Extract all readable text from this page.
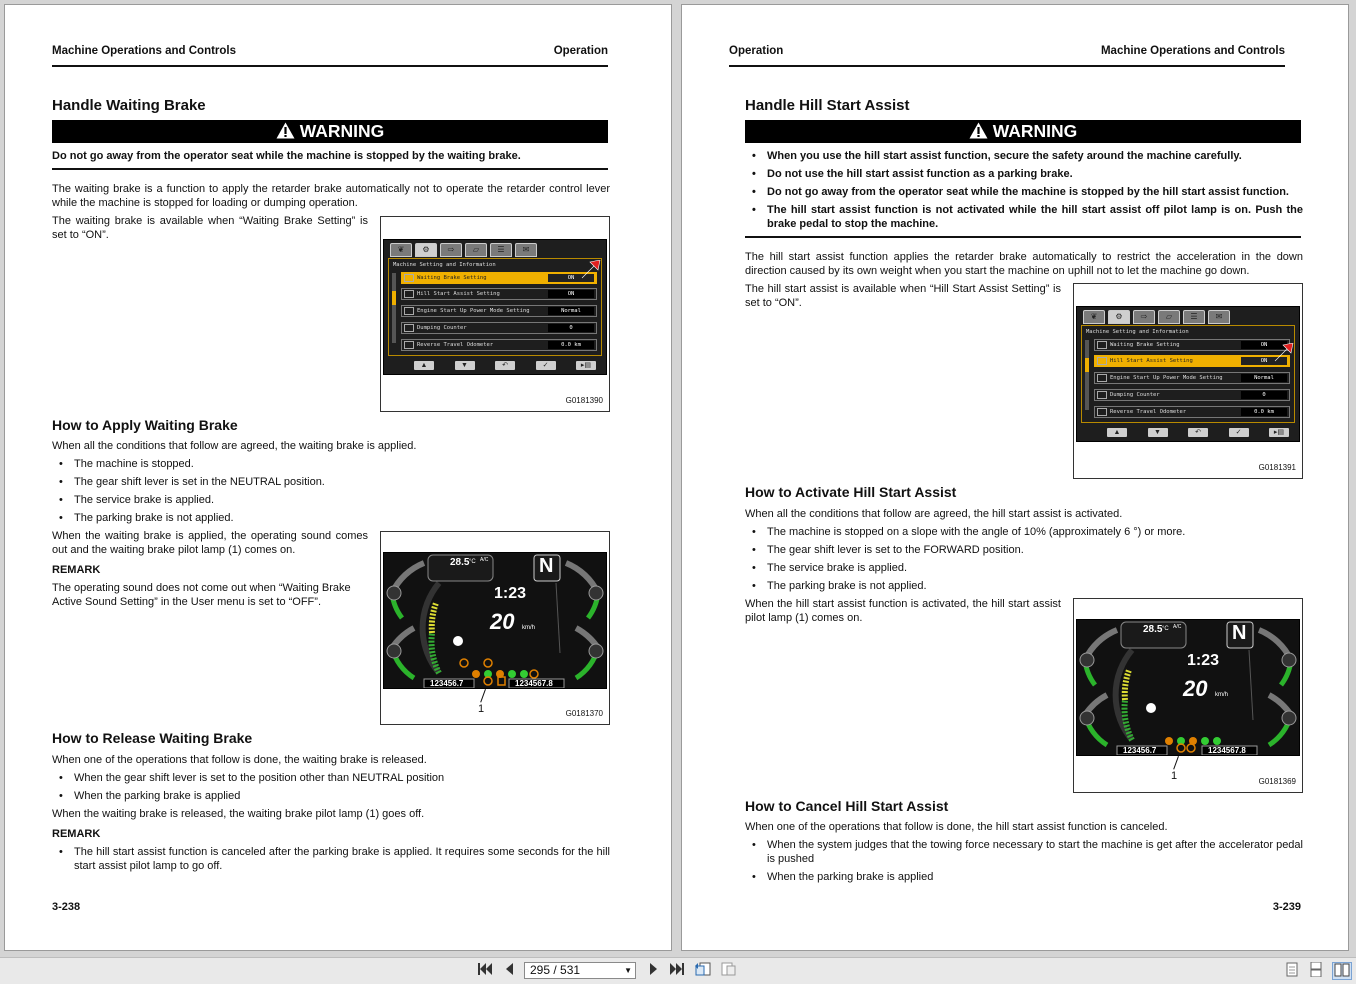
Machine Operations and Controls	Operation
Handle Waiting Brake
WARNING
Do not go away from the operator seat while the machine is stopped by the waiting brake.
The waiting brake is a function to apply the retarder brake automatically not to operate the retarder control lever while the machine is stopped for loading or dumping operation.
The waiting brake is available when “Waiting Brake Setting” is set to “ON”.
❦	⚙	⇨	▱	☰	✉
Machine Setting and Information
Waiting Brake Setting	ON
Hill Start Assist Setting	ON
Engine Start Up Power Mode Setting	Normal
Dumping Counter	0
Reverse Travel Odometer	0.0 km
▲	▼	↶	✓	▸▤
G0181390
How to Apply Waiting Brake
When all the conditions that follow are agreed, the waiting brake is applied.
• The machine is stopped.
• The gear shift lever is set in the NEUTRAL position.
• The service brake is applied.
• The parking brake is not applied.
When the waiting brake is applied, the operating sound comes out and the waiting brake pilot lamp (1) comes on.
REMARK
The operating sound does not come out when “Waiting Brake Active Sound Setting” in the User menu is set to “OFF”.
28.5 °C A/C	N
1:23
20 km/h
123456.7	1234567.8
1	G0181370
How to Release Waiting Brake
When one of the operations that follow is done, the waiting brake is released.
• When the gear shift lever is set to the position other than NEUTRAL position
• When the parking brake is applied
When the waiting brake is released, the waiting brake pilot lamp (1) goes off.
REMARK
• The hill start assist function is canceled after the parking brake is applied. It requires some seconds for the hill start assist pilot lamp to go off.
3-238
Operation	Machine Operations and Controls
Handle Hill Start Assist
WARNING
• When you use the hill start assist function, secure the safety around the machine carefully.
• Do not use the hill start assist function as a parking brake.
• Do not go away from the operator seat while the machine is stopped by the hill start assist function.
• The hill start assist function is not activated while the hill start assist off pilot lamp is on. Push the brake pedal to stop the machine.
The hill start assist function applies the retarder brake automatically to restrict the acceleration in the down direction caused by its own weight when you start the machine on uphill not to let the machine go down.
The hill start assist is available when “Hill Start Assist Setting” is set to “ON”.
❦	⚙	⇨	▱	☰	✉
Machine Setting and Information
Waiting Brake Setting	ON
Hill Start Assist Setting	ON
Engine Start Up Power Mode Setting	Normal
Dumping Counter	0
Reverse Travel Odometer	0.0 km
▲	▼	↶	✓	▸▤
G0181391
How to Activate Hill Start Assist
When all the conditions that follow are agreed, the hill start assist is activated.
• The machine is stopped on a slope with the angle of 10% (approximately 6 °) or more.
• The gear shift lever is set to the FORWARD position.
• The service brake is applied.
• The parking brake is not applied.
When the hill start assist function is activated, the hill start assist pilot lamp (1) comes on.
28.5 °C A/C	N
1:23
20 km/h
123456.7	1234567.8
1	G0181369
How to Cancel Hill Start Assist
When one of the operations that follow is done, the hill start assist function is canceled.
• When the system judges that the towing force necessary to start the machine is get after the accelerator pedal is pushed
• When the parking brake is applied
3-239
295 / 531	▼
